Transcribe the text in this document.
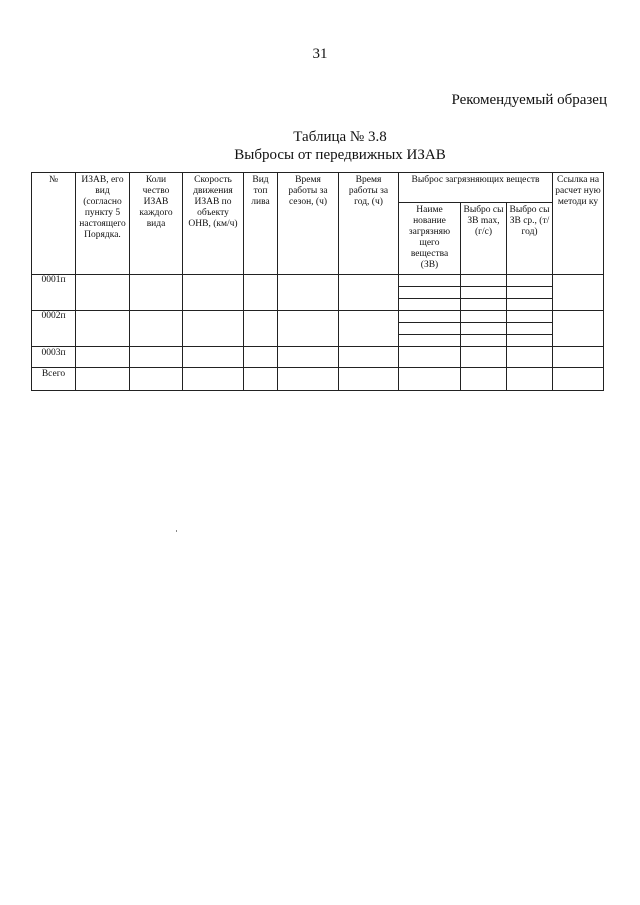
31
Рекомендуемый образец
Таблица № 3.8
Выбросы от передвижных ИЗАВ
№	ИЗАВ, его вид (согласно пункту 5 настоящего Порядка.	Коли чество ИЗАВ каждого вида	Скорость движения ИЗАВ по объекту ОНВ, (км/ч)	Вид топ лива	Время работы за сезон, (ч)	Время работы за год, (ч)	Выброс загрязняющих веществ			Ссылка на расчет ную методи ку
							Наиме нование загрязняю щего вещества (ЗВ)	Выбро сы ЗВ max, (г/с)	Выбро сы ЗВ ср., (т/год)	
0001п										

0002п										

0003п										
Всего										
